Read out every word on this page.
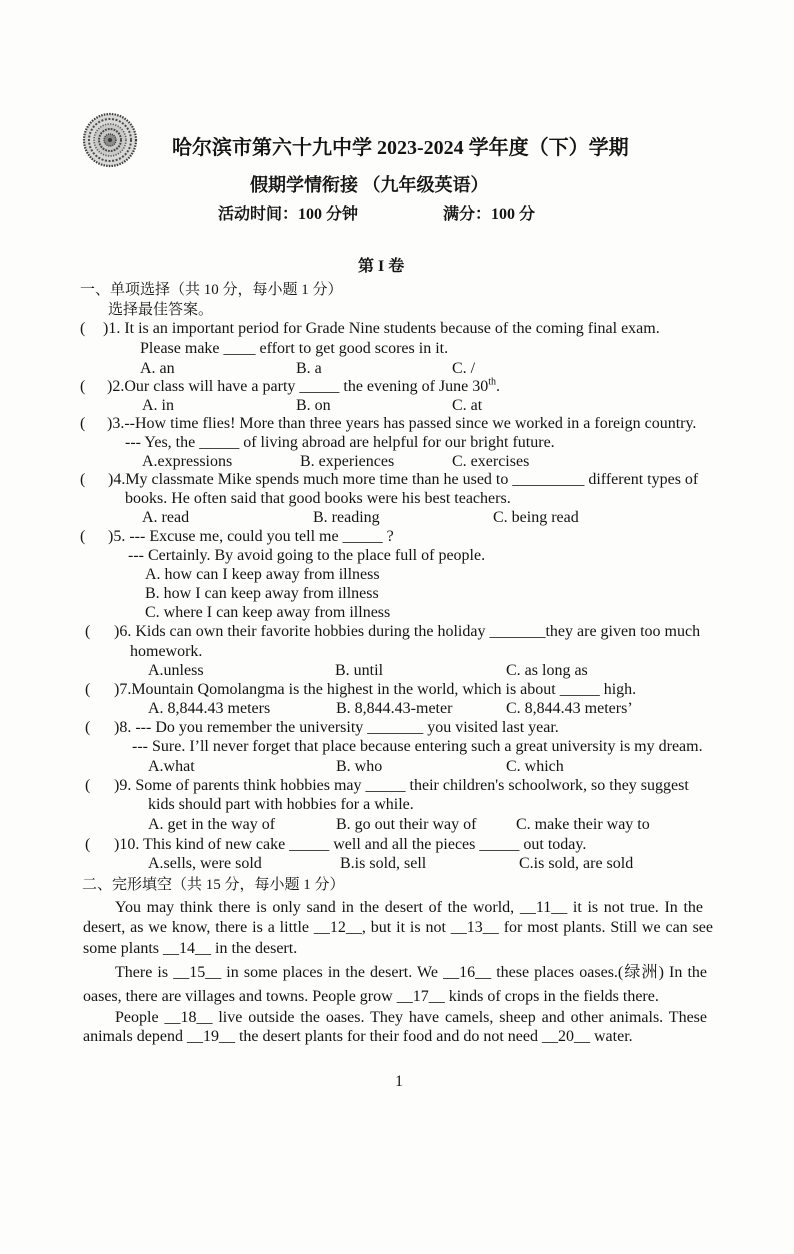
哈尔滨市第六十九中学 2023-2024 学年度（下）学期
假期学情衔接 （九年级英语）
活动时间：100 分钟	满分：100 分
第 I 卷
一、单项选择（共 10 分，每小题 1 分）
选择最佳答案。
( )1. It is an important period for Grade Nine students because of the coming final exam.
Please make ____ effort to get good scores in it.
A. an	B. a	C. /
( )2.Our class will have a party _____ the evening of June 30th.
A. in	B. on	C. at
( )3.--How time flies! More than three years has passed since we worked in a foreign country.
--- Yes, the _____ of living abroad are helpful for our bright future.
A.expressions	B. experiences	C. exercises
( )4.My classmate Mike spends much more time than he used to _________ different types of
books. He often said that good books were his best teachers.
A. read	B. reading	C. being read
( )5. --- Excuse me, could you tell me _____ ?
--- Certainly. By avoid going to the place full of people.
A. how can I keep away from illness
B. how I can keep away from illness
C. where I can keep away from illness
( )6. Kids can own their favorite hobbies during the holiday _______they are given too much
homework.
A.unless	B. until	C. as long as
( )7.Mountain Qomolangma is the highest in the world, which is about _____ high.
A. 8,844.43 meters	B. 8,844.43-meter	C. 8,844.43 meters’
( )8. --- Do you remember the university _______ you visited last year.
--- Sure. I’ll never forget that place because entering such a great university is my dream.
A.what	B. who	C. which
( )9. Some of parents think hobbies may _____ their children's schoolwork, so they suggest
kids should part with hobbies for a while.
A. get in the way of	B. go out their way of C. make their way to
( )10. This kind of new cake _____ well and all the pieces _____ out today.
A.sells, were sold	B.is sold, sell	C.is sold, are sold
二、完形填空（共 15 分，每小题 1 分）
You may think there is only sand in the desert of the world, __11__ it is not true. In the
desert, as we know, there is a little __12__, but it is not __13__ for most plants. Still we can see
some plants __14__ in the desert.
There is __15__ in some places in the desert. We __16__ these places oases.(绿洲) In the
oases, there are villages and towns. People grow __17__ kinds of crops in the fields there.
People __18__ live outside the oases. They have camels, sheep and other animals. These
animals depend __19__ the desert plants for their food and do not need __20__ water.
1
